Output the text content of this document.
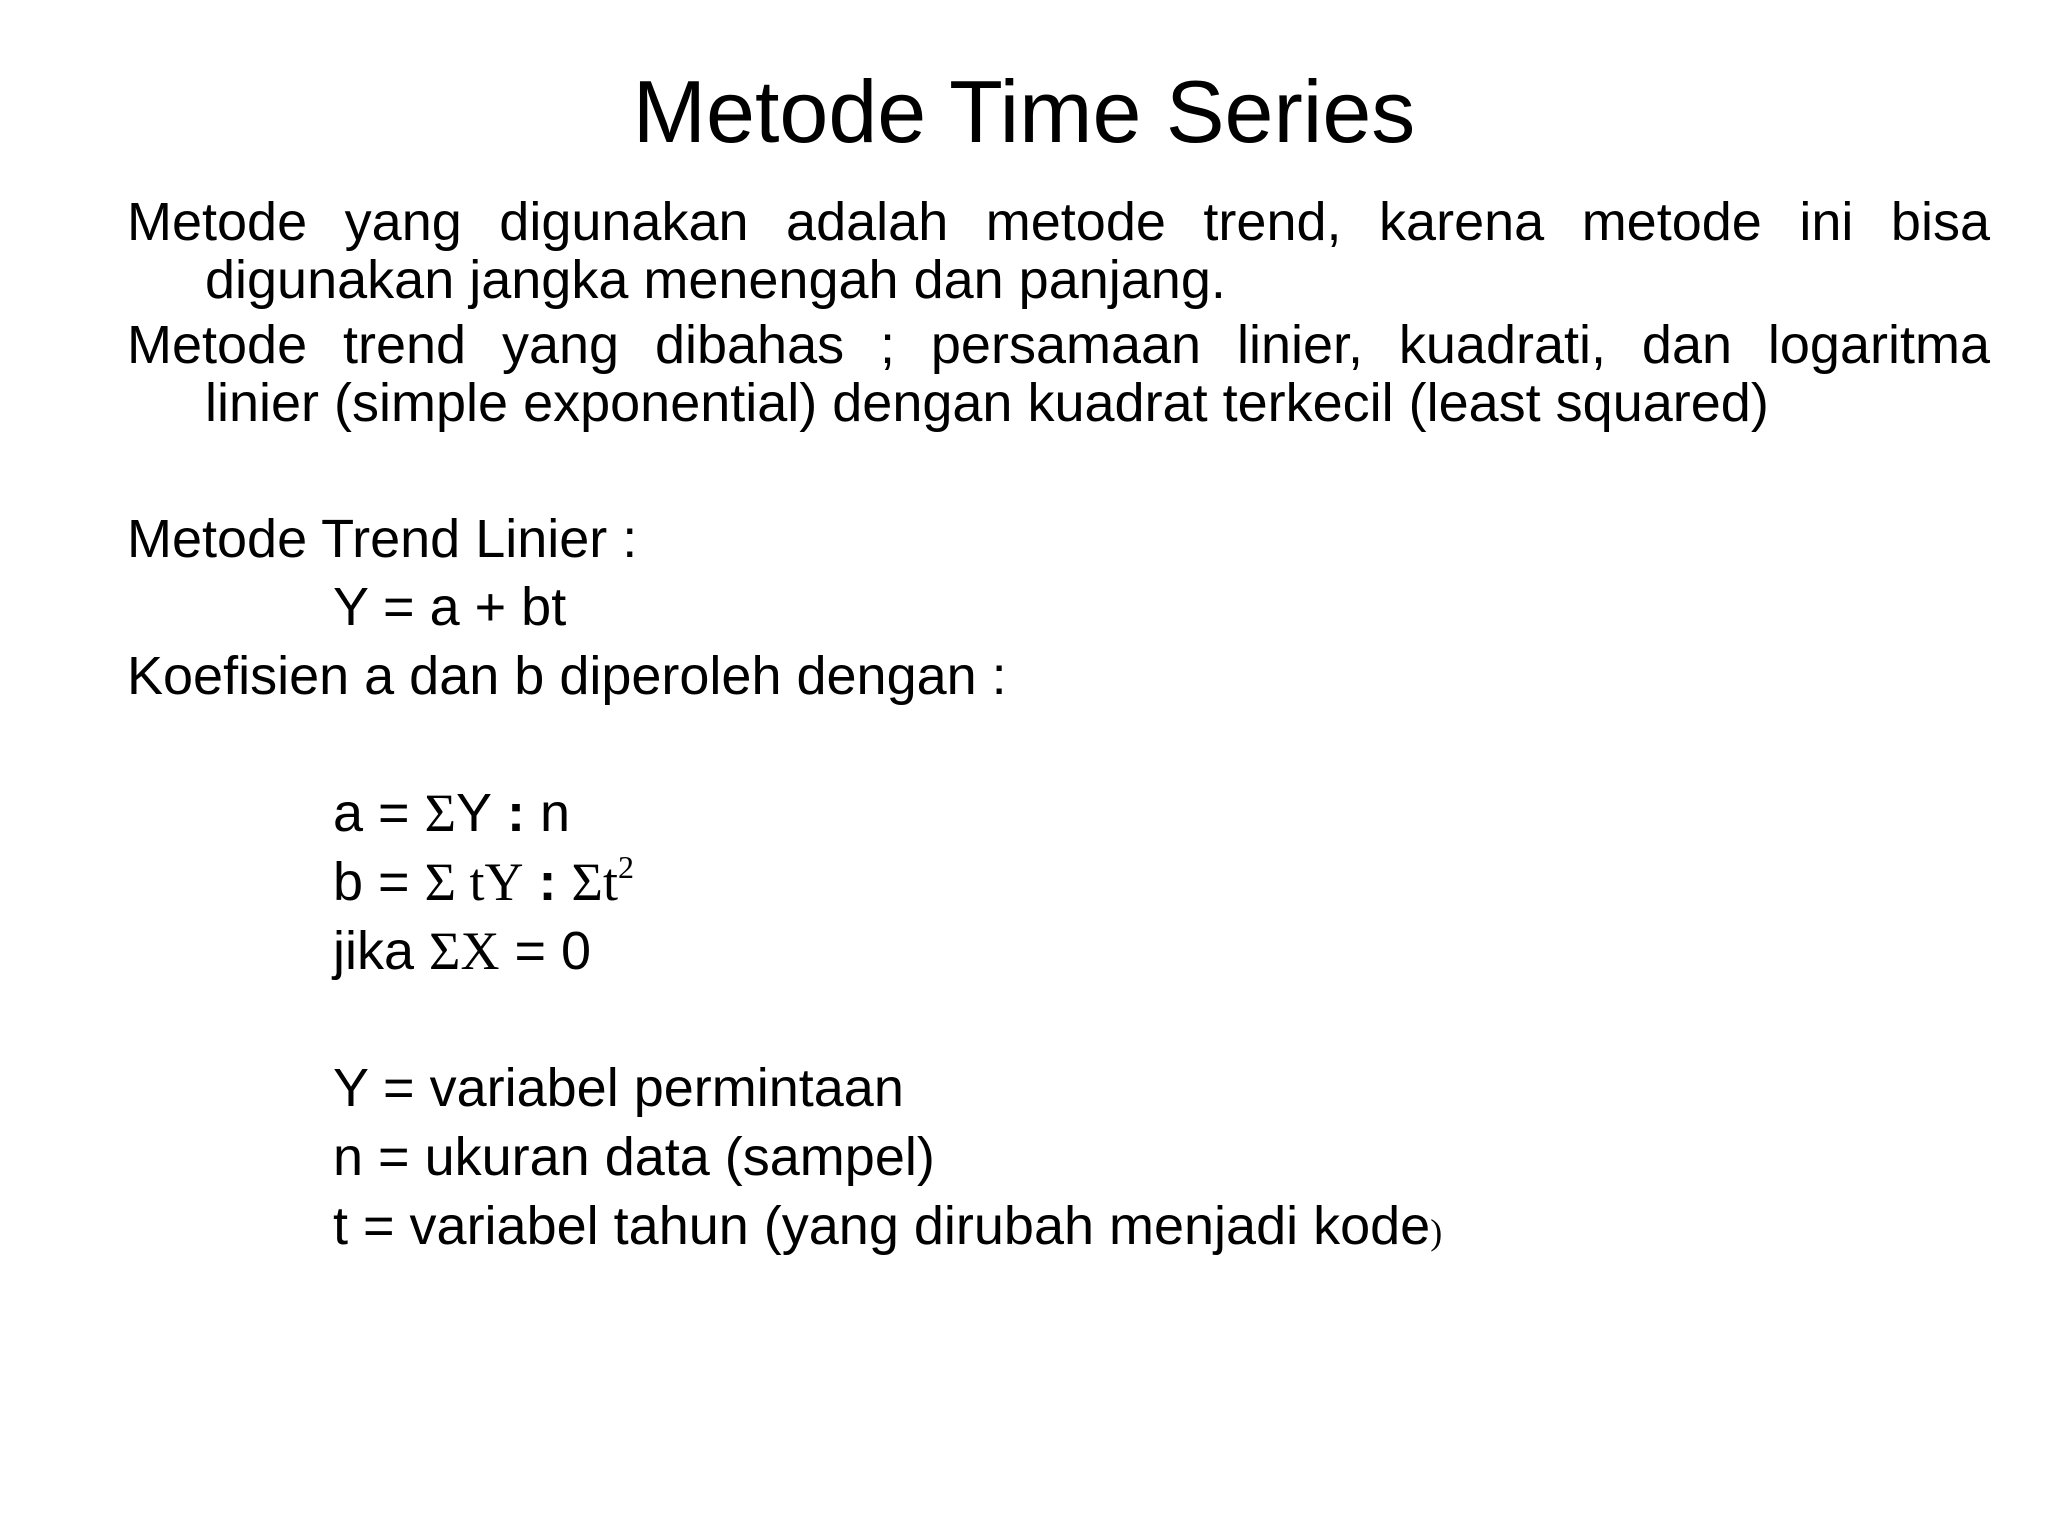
Metode Time Series
Metode yang digunakan adalah metode trend, karena metode ini bisa
digunakan jangka menengah dan panjang.
Metode trend yang dibahas ; persamaan linier, kuadrati, dan logaritma
linier (simple exponential) dengan kuadrat terkecil (least squared)
Metode Trend Linier :
Y = a + bt
Koefisien a dan b diperoleh dengan :
a = ΣY : n
b = Σ tY : $\Sigma t^2$
jika ΣX = 0
Y = variabel permintaan
n = ukuran data (sampel)
t = variabel tahun (yang dirubah menjadi kode)
